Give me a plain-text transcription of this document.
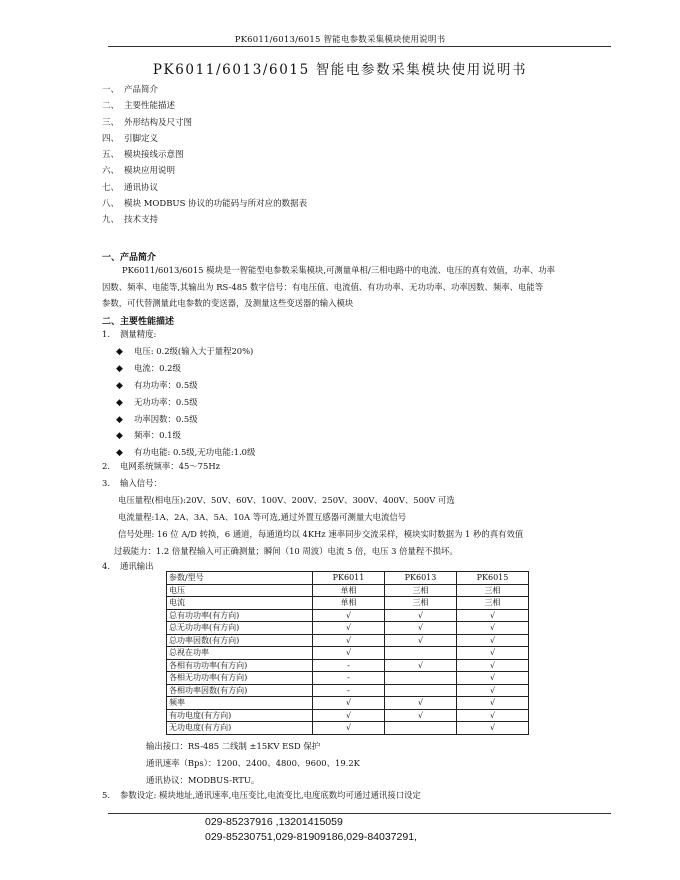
PK6011/6013/6015 智能电参数采集模块使用说明书
PK6011/6013/6015 智能电参数采集模块使用说明书
一、 产品简介
二、 主要性能描述
三、 外形结构及尺寸图
四、 引脚定义
五、 模块接线示意图
六、 模块应用说明
七、 通讯协议
八、 模块 MODBUS 协议的功能码与所对应的数据表
九、 技术支持
一、产品简介
PK6011/6013/6015 模块是一智能型电参数采集模块,可测量单相/三相电路中的电流、电压的真有效值，功率、功率
因数、频率、电能等,其输出为 RS-485 数字信号：有电压值、电流值、有功功率、无功功率、功率因数、频率、电能等
参数，可代替测量此电参数的变送器，及测量这些变送器的输入模块
二、主要性能描述
1. 测量精度:
◆ 电压: 0.2级(输入大于量程20%)
◆ 电流：0.2级
◆ 有功功率：0.5级
◆ 无功功率：0.5级
◆ 功率因数：0.5级
◆ 频率：0.1级
◆ 有功电能: 0.5级,无功电能:1.0级
2. 电网系统频率：45～75Hz
3. 输入信号：
电压量程(相电压):20V、50V、60V、100V、200V、250V、300V、400V、500V 可选
电流量程:1A、2A、3A、5A、10A 等可选,通过外置互感器可测量大电流信号
信号处理: 16 位 A/D 转换，6 通道，每通道均以 4KHz 速率同步交流采样，模块实时数据为 1 秒的真有效值
过载能力：1.2 倍量程输入可正确测量；瞬间（10 周波）电流 5 倍，电压 3 倍量程不损坏。
4. 通讯输出
参数/型号	PK6011	PK6013	PK6015
电压	单相	三相	三相
电流	单相	三相	三相
总有功功率(有方向)	√	√	√
总无功功率(有方向)	√	√	√
总功率因数(有方向)	√	√	√
总视在功率	√		√
各相有功功率(有方向)	-	√	√
各相无功功率(有方向)	-		√
各相功率因数(有方向)	-		√
频率	√	√	√
有功电度(有方向)	√	√	√
无功电度(有方向)	√		√
输出接口：RS-485 二线制 ±15KV ESD 保护
通讯速率（Bps）：1200、2400、4800、9600、19.2K
通讯协议：MODBUS-RTU。
5. 参数设定: 模块地址,通讯速率,电压变比,电流变比,电度底数均可通过通讯接口设定
029-85237916 ,13201415059
029-85230751,029-81909186,029-84037291,
